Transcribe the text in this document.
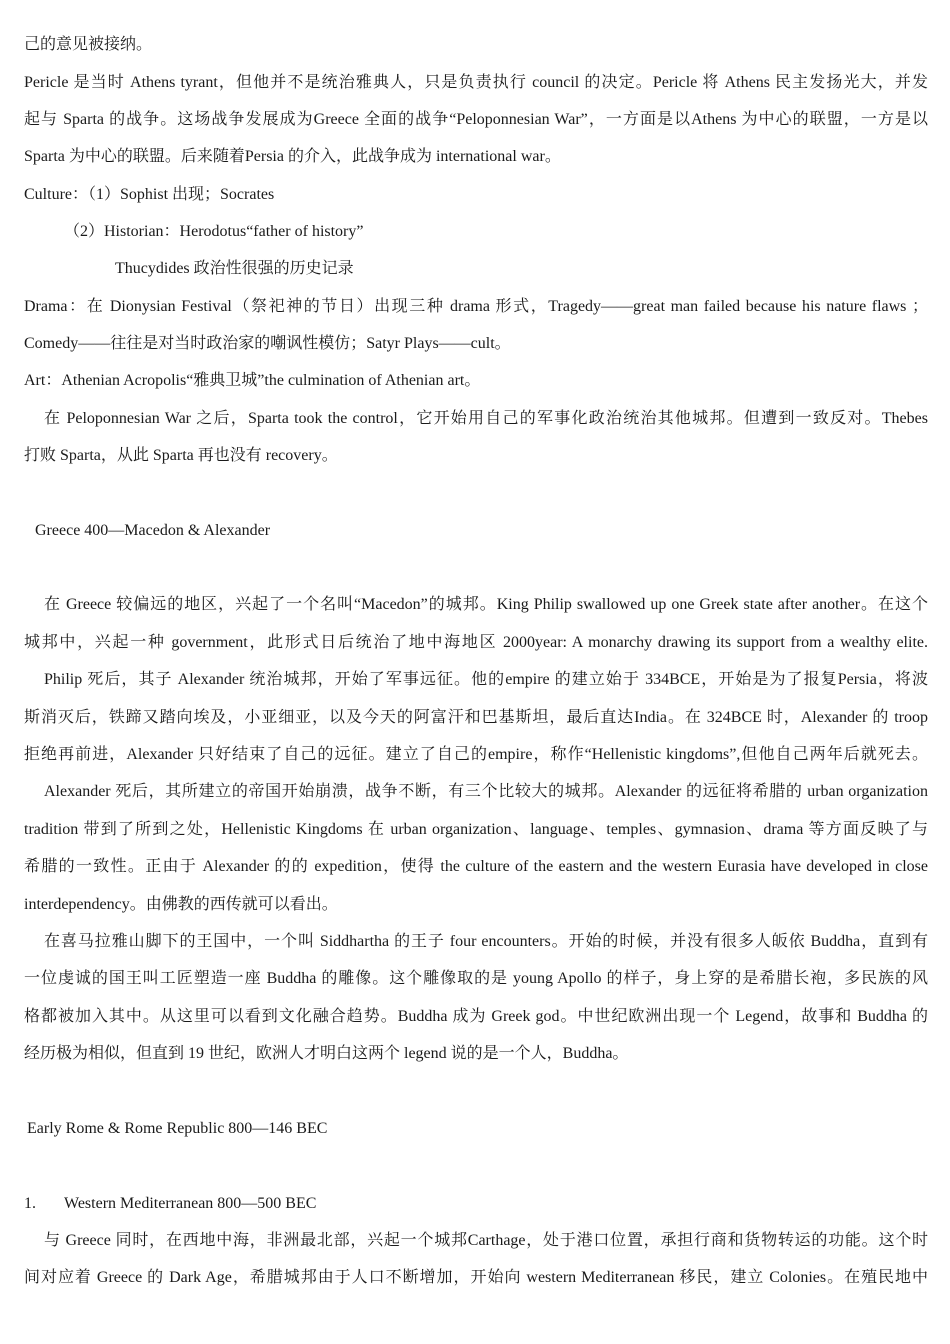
己的意见被接纳。
Pericle 是当时 Athens tyrant，但他并不是统治雅典人，只是负责执行 council 的决定。Pericle 将 Athens 民主发扬光大，并发
起与 Sparta 的战争。这场战争发展成为Greece 全面的战争“Peloponnesian War”，一方面是以Athens 为中心的联盟，一方是以
Sparta 为中心的联盟。后来随着Persia 的介入，此战争成为 international war。
Culture：（1）Sophist 出现；Socrates
（2）Historian：Herodotus“father of history”
Thucydides 政治性很强的历史记录
Drama：在 Dionysian Festival（祭祀神的节日）出现三种 drama 形式，Tragedy——great man failed because his nature flaws ；
Comedy——往往是对当时政治家的嘲讽性模仿；Satyr Plays——cult。
Art：Athenian Acropolis“雅典卫城”the culmination of Athenian art。
在 Peloponnesian War 之后，Sparta took the control，它开始用自己的军事化政治统治其他城邦。但遭到一致反对。Thebes
打败 Sparta，从此 Sparta 再也没有 recovery。
Greece 400—Macedon & Alexander
在 Greece 较偏远的地区，兴起了一个名叫“Macedon”的城邦。King Philip swallowed up one Greek state after another。在这个
城邦中，兴起一种 government，此形式日后统治了地中海地区 2000year: A monarchy drawing its support from a wealthy elite.
Philip 死后，其子 Alexander 统治城邦，开始了军事远征。他的empire 的建立始于 334BCE，开始是为了报复Persia，将波
斯消灭后，铁蹄又踏向埃及，小亚细亚，以及今天的阿富汗和巴基斯坦，最后直达India。在 324BCE 时，Alexander 的 troop
拒绝再前进，Alexander 只好结束了自己的远征。建立了自己的empire，称作“Hellenistic kingdoms”,但他自己两年后就死去。
Alexander 死后，其所建立的帝国开始崩溃，战争不断，有三个比较大的城邦。Alexander 的远征将希腊的 urban organization
tradition 带到了所到之处，Hellenistic Kingdoms 在 urban organization、language、temples、gymnasion、drama 等方面反映了与
希腊的一致性。正由于 Alexander 的的 expedition，使得 the culture of the eastern and the western Eurasia have developed in close
interdependency。由佛教的西传就可以看出。
在喜马拉雅山脚下的王国中，一个叫 Siddhartha 的王子 four encounters。开始的时候，并没有很多人皈依 Buddha，直到有
一位虔诚的国王叫工匠塑造一座 Buddha 的雕像。这个雕像取的是 young Apollo 的样子，身上穿的是希腊长袍，多民族的风
格都被加入其中。从这里可以看到文化融合趋势。Buddha 成为 Greek god。中世纪欧洲出现一个 Legend，故事和 Buddha 的
经历极为相似，但直到 19 世纪，欧洲人才明白这两个 legend 说的是一个人，Buddha。
Early Rome & Rome Republic 800—146 BEC
1.	Western Mediterranean 800—500 BEC
与 Greece 同时，在西地中海，非洲最北部，兴起一个城邦Carthage，处于港口位置，承担行商和货物转运的功能。这个时
间对应着 Greece 的 Dark Age，希腊城邦由于人口不断增加，开始向 western Mediterranean 移民，建立 Colonies。在殖民地中
